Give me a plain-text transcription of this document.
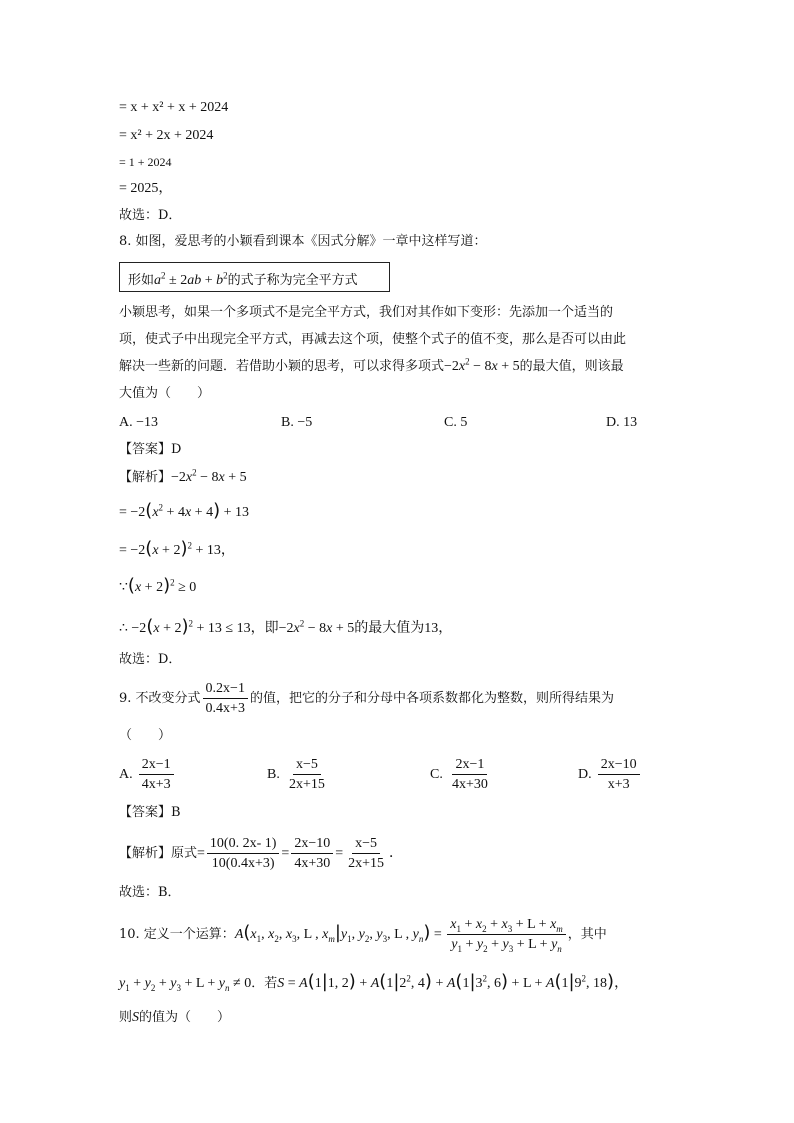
= x + x² + x + 2024
= x² + 2x + 2024
= 1 + 2024
= 2025，
故选：D．
8. 如图，爱思考的小颖看到课本《因式分解》一章中这样写道：
形如$a^2 \pm 2ab + b^2$的式子称为完全平方式
小颖思考，如果一个多项式不是完全平方式，我们对其作如下变形：先添加一个适当的
项，使式子中出现完全平方式，再减去这个项，使整个式子的值不变，那么是否可以由此
解决一些新的问题．若借助小颖的思考，可以求得多项式$-2x^2 - 8x + 5$的最大值，则该最
大值为（　　）
A. −13	B. −5	C. 5	D. 13
【答案】D
【解析】$-2x^2 - 8x + 5$
= $-2(x^2 + 4x + 4) + 13$
= $-2(x + 2)^2 + 13$，
∵(x + 2)$^2$ ≥ 0
∴ $-2(x + 2)^2 + 13 \le 13$，即$-2x^2 - 8x + 5$的最大值为13，
故选：D．
9. 不改变分式 $\frac{0.2x-1}{0.4x+3}$ 的值，把它的分子和分母中各项系数都化为整数，则所得结果为
（　　）
A. $\frac{2x-1}{4x+3}$	B. $\frac{x-5}{2x+15}$	C. $\frac{2x-1}{4x+30}$	D. $\frac{2x-10}{x+3}$
【答案】B
【解析】原式= $\frac{10(0. 2x- 1)}{10(0.4x+3)} = \frac{2x-10}{4x+30} = \frac{x-5}{2x+15}$ ．
故选：B．
10. 定义一个运算：$A(x_1$, $x_2$, $x_3$, L , $x_m|y_1$, $y_2$, $y_3$, L , $y_n) = \frac{x_1 + x_2 + x_3 + L + x_m}{y_1 + y_2 + y_3 + L + y_n}$ ，其中
$y_1 + y_2 + y_3 + L + y_n \ne 0$．若S = A(1|1, $2) + A(1|2^2$, $4) + A(1|3^2$, $6) + L + A(1|9^2$, 18)，
则S的值为（　　）
